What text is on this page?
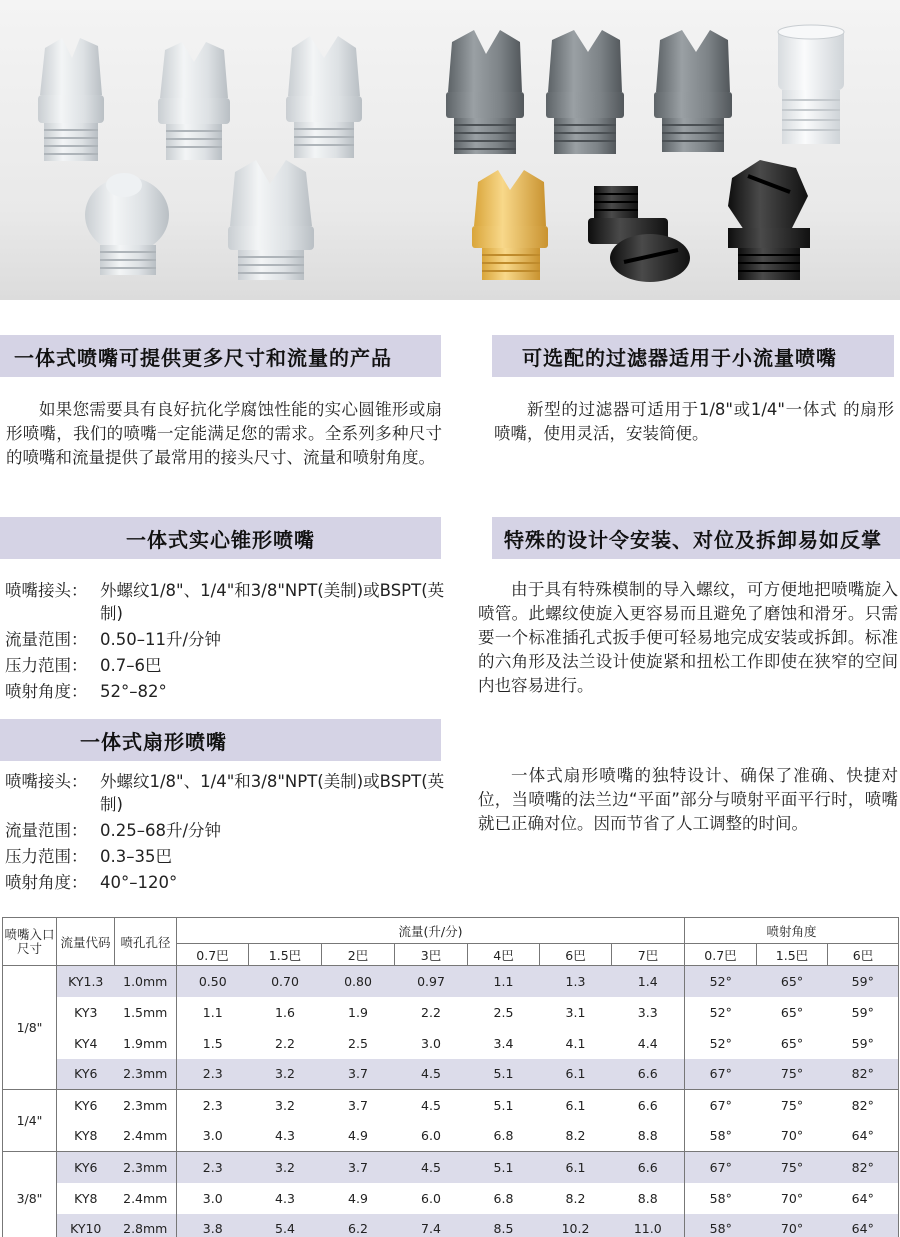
一体式喷嘴可提供更多尺寸和流量的产品	可选配的过滤器适用于小流量喷嘴

如果您需要具有良好抗化学腐蚀性能的实心圆锥形或扇形喷嘴，我们的喷嘴一定能满足您的需求。全系列多种尺寸的喷嘴和流量提供了最常用的接头尺寸、流量和喷射角度。

新型的过滤器可适用于1/8"或1/4"一体式 的扇形喷嘴，使用灵活，安装简便。

一体式实心锥形喷嘴	特殊的设计令安装、对位及拆卸易如反掌
喷嘴接头： 外螺纹1/8"、1/4"和3/8"NPT(美制)或BSPT(英制)
流量范围： 0.50–11升/分钟
压力范围： 0.7–6巴
喷射角度： 52°–82°

由于具有特殊模制的导入螺纹，可方便地把喷嘴旋入喷管。此螺纹使旋入更容易而且避免了磨蚀和滑牙。只需要一个标准插孔式扳手便可轻易地完成安装或拆卸。标准的六角形及法兰设计使旋紧和扭松工作即使在狭窄的空间内也容易进行。

一体式扇形喷嘴的独特设计、确保了准确、快捷对位，当喷嘴的法兰边“平面”部分与喷射平面平行时，喷嘴就已正确对位。因而节省了人工调整的时间。

一体式扇形喷嘴
喷嘴接头： 外螺纹1/8"、1/4"和3/8"NPT(美制)或BSPT(英制)
流量范围： 0.25–68升/分钟
压力范围： 0.3–35巴
喷射角度： 40°–120°
喷嘴入口尺寸	流量代码	喷孔孔径	流量(升/分)							喷射角度		
			0.7巴	1.5巴	2巴	3巴	4巴	6巴	7巴	0.7巴	1.5巴	6巴
1/8"	KY1.3	1.0mm	0.50	0.70	0.80	0.97	1.1	1.3	1.4	52°	65°	59°
	KY3	1.5mm	1.1	1.6	1.9	2.2	2.5	3.1	3.3	52°	65°	59°
	KY4	1.9mm	1.5	2.2	2.5	3.0	3.4	4.1	4.4	52°	65°	59°
	KY6	2.3mm	2.3	3.2	3.7	4.5	5.1	6.1	6.6	67°	75°	82°
1/4"	KY6	2.3mm	2.3	3.2	3.7	4.5	5.1	6.1	6.6	67°	75°	82°
	KY8	2.4mm	3.0	4.3	4.9	6.0	6.8	8.2	8.8	58°	70°	64°
3/8"	KY6	2.3mm	2.3	3.2	3.7	4.5	5.1	6.1	6.6	67°	75°	82°
	KY8	2.4mm	3.0	4.3	4.9	6.0	6.8	8.2	8.8	58°	70°	64°
	KY10	2.8mm	3.8	5.4	6.2	7.4	8.5	10.2	11.0	58°	70°	64°
